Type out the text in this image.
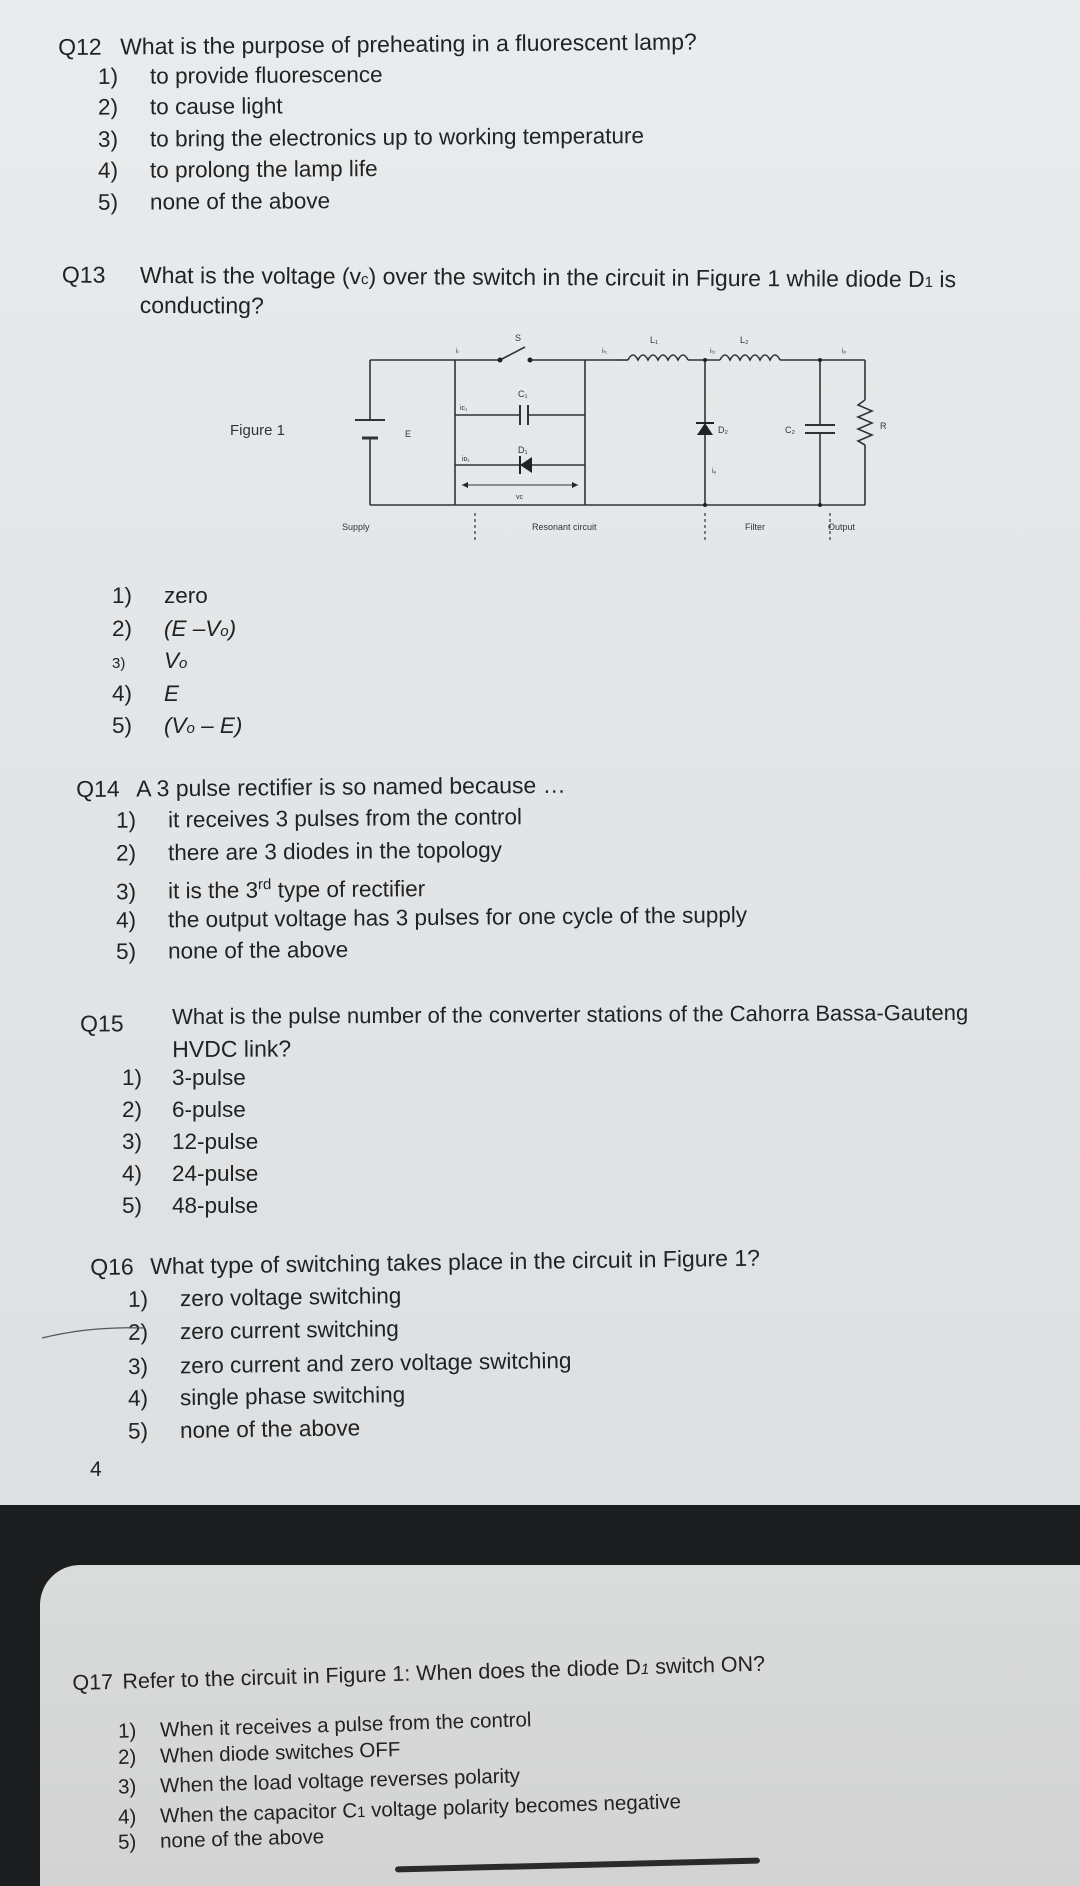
Q12 What is the purpose of preheating in a fluorescent lamp?
1) to provide fluorescence
2) to cause light
3) to bring the electronics up to working temperature
4) to prolong the lamp life
5) none of the above
Q13 What is the voltage (vc) over the switch in the circuit in Figure 1 while diode D1 is
conducting?
Figure 1
Supply	Resonant circuit	Filter	Output
S
iᵢ	iₗ₁
L₁	L₂
iₒ
ic₁
C₁
iᴅ₁
D₁
D₂
vc
iₗ₂
iₔ
E	C₂	R
1) zero
2) (E –Vo)
3) Vo
4) E
5) (Vo – E)
Q14 A 3 pulse rectifier is so named because …
1) it receives 3 pulses from the control
2) there are 3 diodes in the topology
3) it is the 3rd type of rectifier
4) the output voltage has 3 pulses for one cycle of the supply
5) none of the above
Q15 What is the pulse number of the converter stations of the Cahorra Bassa-Gauteng
HVDC link?
1) 3-pulse
2) 6-pulse
3) 12-pulse
4) 24-pulse
5) 48-pulse
Q16 What type of switching takes place in the circuit in Figure 1?
1) zero voltage switching
2) zero current switching
3) zero current and zero voltage switching
4) single phase switching
5) none of the above
4
Q17 Refer to the circuit in Figure 1: When does the diode D1 switch ON?
1) When it receives a pulse from the control
2) When diode switches OFF
3) When the load voltage reverses polarity
4) When the capacitor C1 voltage polarity becomes negative
5) none of the above
